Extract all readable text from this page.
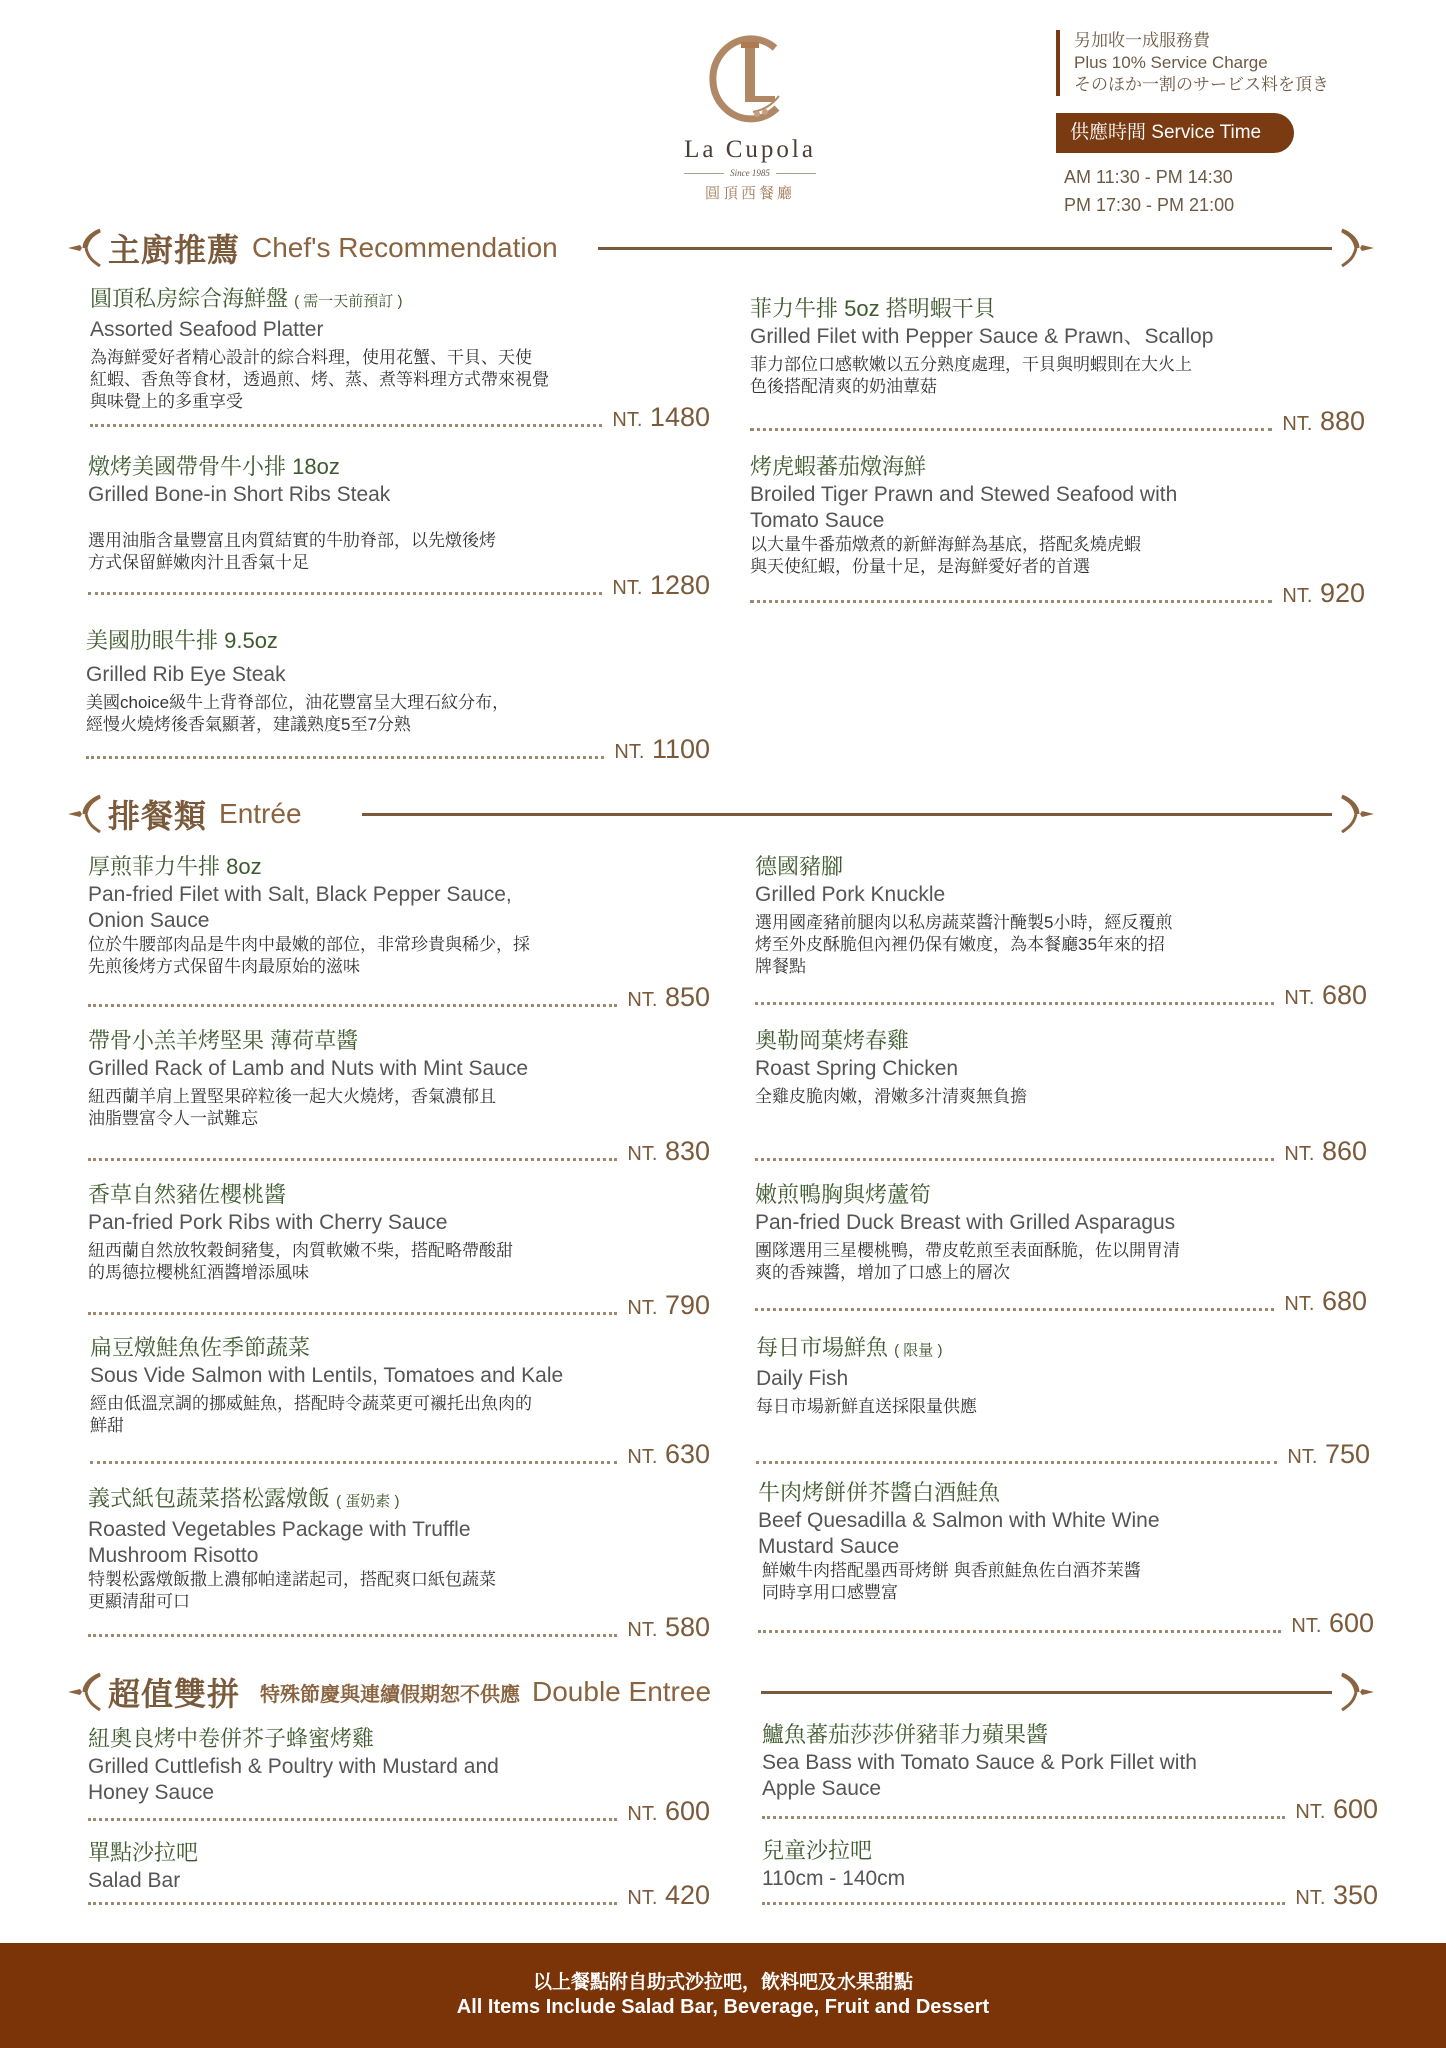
La Cupola
Since 1985
圓頂西餐廳
另加收一成服務費
Plus 10% Service Charge
そのほか一割のサービス料を頂き
供應時間 Service Time
AM 11:30 - PM 14:30
PM 17:30 - PM 21:00
主廚推薦 Chef's Recommendation
圓頂私房綜合海鮮盤 ( 需一天前預訂 )
Assorted Seafood Platter
為海鮮愛好者精心設計的綜合料理，使用花蟹、干貝、天使
紅蝦、香魚等食材，透過煎、烤、蒸、煮等料理方式帶來視覺
與味覺上的多重享受
NT. 1480
菲力牛排 5oz 搭明蝦干貝
Grilled Filet with Pepper Sauce & Prawn、Scallop
菲力部位口感軟嫩以五分熟度處理，干貝與明蝦則在大火上
色後搭配清爽的奶油蕈菇
NT. 880
燉烤美國帶骨牛小排 18oz
Grilled Bone-in Short Ribs Steak
選用油脂含量豐富且肉質結實的牛肋脊部，以先燉後烤
方式保留鮮嫩肉汁且香氣十足
NT. 1280
烤虎蝦蕃茄燉海鮮
Broiled Tiger Prawn and Stewed Seafood with
Tomato Sauce
以大量牛番茄燉煮的新鮮海鮮為基底，搭配炙燒虎蝦
與天使紅蝦，份量十足，是海鮮愛好者的首選
NT. 920
美國肋眼牛排 9.5oz
Grilled Rib Eye Steak
美國choice級牛上背脊部位，油花豐富呈大理石紋分布，
經慢火燒烤後香氣顯著，建議熟度5至7分熟
NT. 1100
排餐類 Entrée
厚煎菲力牛排 8oz
Pan-fried Filet with Salt, Black Pepper Sauce,
Onion Sauce
位於牛腰部肉品是牛肉中最嫩的部位，非常珍貴與稀少，採
先煎後烤方式保留牛肉最原始的滋味
NT. 850
德國豬腳
Grilled Pork Knuckle
選用國產豬前腿肉以私房蔬菜醬汁醃製5小時，經反覆煎
烤至外皮酥脆但內裡仍保有嫩度，為本餐廳35年來的招
牌餐點
NT. 680
帶骨小羔羊烤堅果 薄荷草醬
Grilled Rack of Lamb and Nuts with Mint Sauce
紐西蘭羊肩上置堅果碎粒後一起大火燒烤，香氣濃郁且
油脂豐富令人一試難忘
NT. 830
奧勒岡葉烤春雞
Roast Spring Chicken
全雞皮脆肉嫩，滑嫩多汁清爽無負擔
NT. 860
香草自然豬佐櫻桃醬
Pan-fried Pork Ribs with Cherry Sauce
紐西蘭自然放牧穀飼豬隻，肉質軟嫩不柴，搭配略帶酸甜
的馬德拉櫻桃紅酒醬增添風味
NT. 790
嫩煎鴨胸與烤蘆筍
Pan-fried Duck Breast with Grilled Asparagus
團隊選用三星櫻桃鴨，帶皮乾煎至表面酥脆，佐以開胃清
爽的香辣醬，增加了口感上的層次
NT. 680
扁豆燉鮭魚佐季節蔬菜
Sous Vide Salmon with Lentils, Tomatoes and Kale
經由低溫烹調的挪威鮭魚，搭配時令蔬菜更可襯托出魚肉的
鮮甜
NT. 630
每日市場鮮魚 ( 限量 )
Daily Fish
每日市場新鮮直送採限量供應
NT. 750
義式紙包蔬菜搭松露燉飯 ( 蛋奶素 )
Roasted Vegetables Package with Truffle
Mushroom Risotto
特製松露燉飯撒上濃郁帕達諾起司，搭配爽口紙包蔬菜
更顯清甜可口
NT. 580
牛肉烤餅併芥醬白酒鮭魚
Beef Quesadilla & Salmon with White Wine
Mustard Sauce
鮮嫩牛肉搭配墨西哥烤餅 與香煎鮭魚佐白酒芥茉醬
同時享用口感豐富
NT. 600
超值雙拼 特殊節慶與連續假期恕不供應 Double Entree
紐奧良烤中卷併芥子蜂蜜烤雞
Grilled Cuttlefish & Poultry with Mustard and
Honey Sauce
NT. 600
鱸魚蕃茄莎莎併豬菲力蘋果醬
Sea Bass with Tomato Sauce & Pork Fillet with
Apple Sauce
NT. 600
單點沙拉吧
Salad Bar
NT. 420
兒童沙拉吧
110cm - 140cm
NT. 350
以上餐點附自助式沙拉吧，飲料吧及水果甜點
All Items Include Salad Bar, Beverage, Fruit and Dessert
